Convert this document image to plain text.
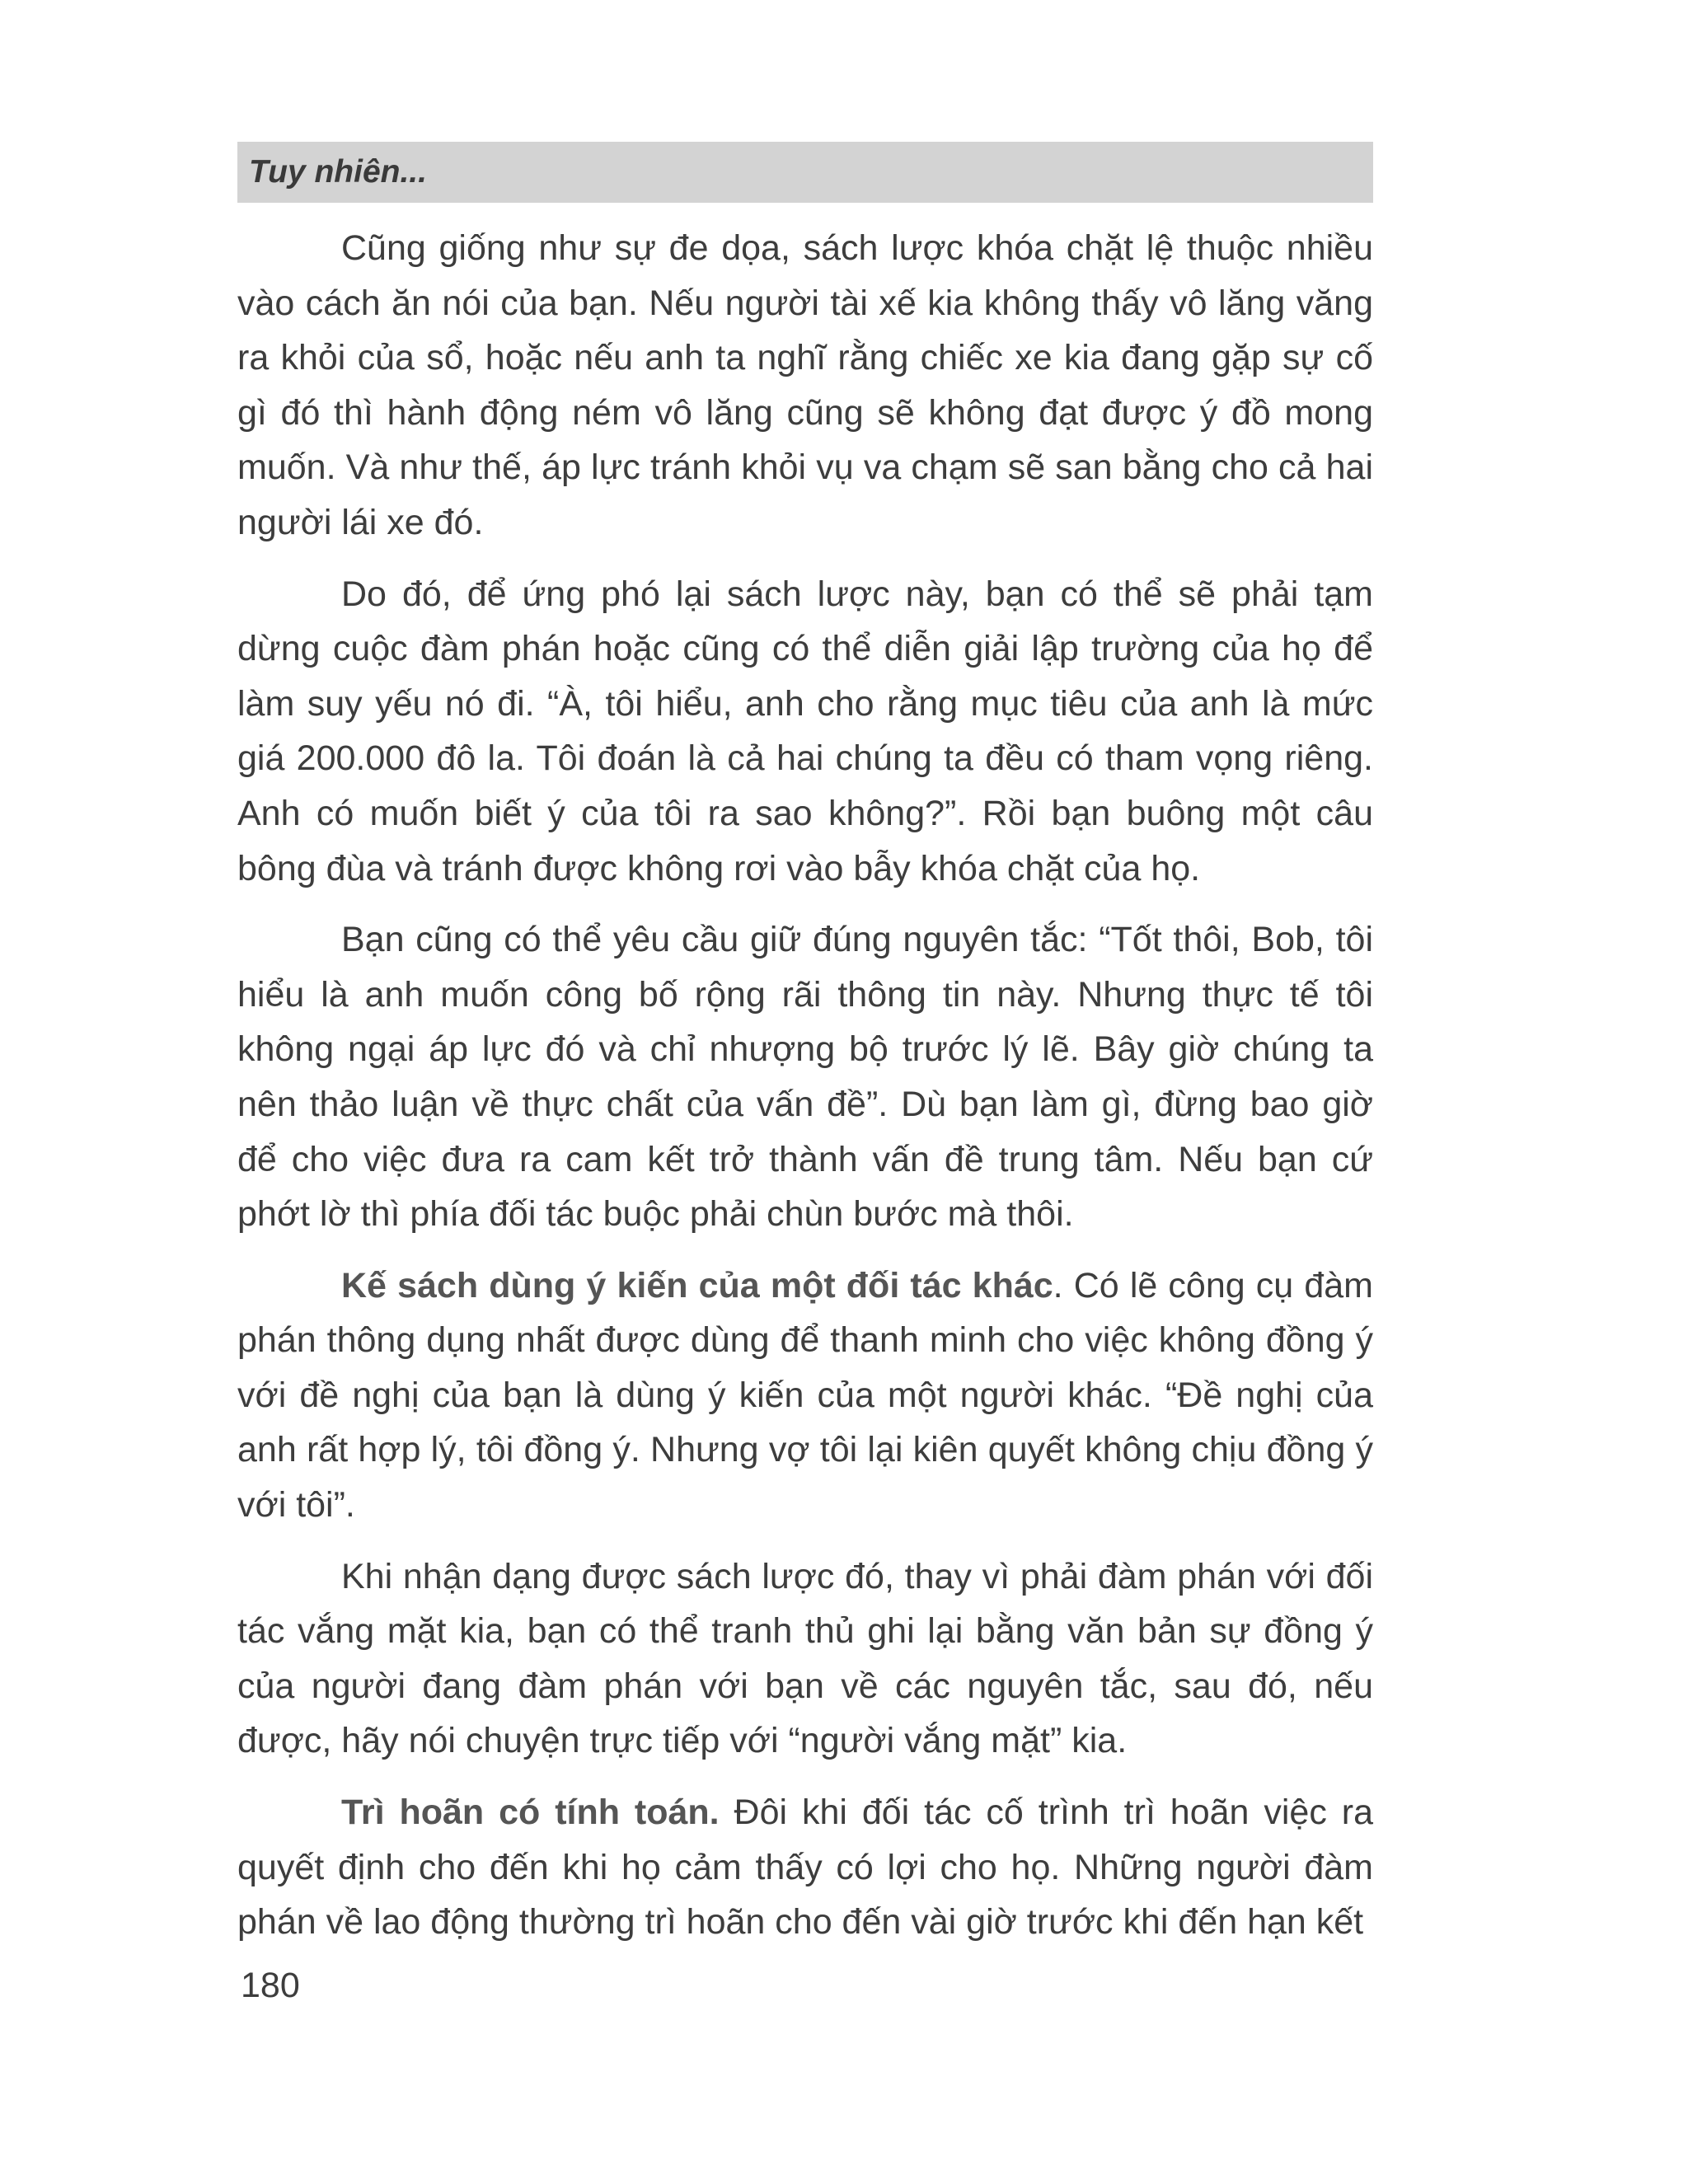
Tuy nhiên...

Cũng giống như sự đe dọa, sách lược khóa chặt lệ thuộc nhiều vào cách ăn nói của bạn. Nếu người tài xế kia không thấy vô lăng văng ra khỏi của sổ, hoặc nếu anh ta nghĩ rằng chiếc xe kia đang gặp sự cố gì đó thì hành động ném vô lăng cũng sẽ không đạt được ý đồ mong muốn. Và như thế, áp lực tránh khỏi vụ va chạm sẽ san bằng cho cả hai người lái xe đó.

Do đó, để ứng phó lại sách lược này, bạn có thể sẽ phải tạm dừng cuộc đàm phán hoặc cũng có thể diễn giải lập trường của họ để làm suy yếu nó đi. “À, tôi hiểu, anh cho rằng mục tiêu của anh là mức giá 200.000 đô la. Tôi đoán là cả hai chúng ta đều có tham vọng riêng. Anh có muốn biết ý của tôi ra sao không?”. Rồi bạn buông một câu bông đùa và tránh được không rơi vào bẫy khóa chặt của họ.

Bạn cũng có thể yêu cầu giữ đúng nguyên tắc: “Tốt thôi, Bob, tôi hiểu là anh muốn công bố rộng rãi thông tin này. Nhưng thực tế tôi không ngại áp lực đó và chỉ nhượng bộ trước lý lẽ. Bây giờ chúng ta nên thảo luận về thực chất của vấn đề”. Dù bạn làm gì, đừng bao giờ để cho việc đưa ra cam kết trở thành vấn đề trung tâm. Nếu bạn cứ phớt lờ thì phía đối tác buộc phải chùn bước mà thôi.

Kế sách dùng ý kiến của một đối tác khác. Có lẽ công cụ đàm phán thông dụng nhất được dùng để thanh minh cho việc không đồng ý với đề nghị của bạn là dùng ý kiến của một người khác. “Đề nghị của anh rất hợp lý, tôi đồng ý. Nhưng vợ tôi lại kiên quyết không chịu đồng ý với tôi”.

Khi nhận dạng được sách lược đó, thay vì phải đàm phán với đối tác vắng mặt kia, bạn có thể tranh thủ ghi lại bằng văn bản sự đồng ý của người đang đàm phán với bạn về các nguyên tắc, sau đó, nếu được, hãy nói chuyện trực tiếp với “người vắng mặt” kia.

Trì hoãn có tính toán. Đôi khi đối tác cố trình trì hoãn việc ra quyết định cho đến khi họ cảm thấy có lợi cho họ. Những người đàm phán về lao động thường trì hoãn cho đến vài giờ trước khi đến hạn kết

180
